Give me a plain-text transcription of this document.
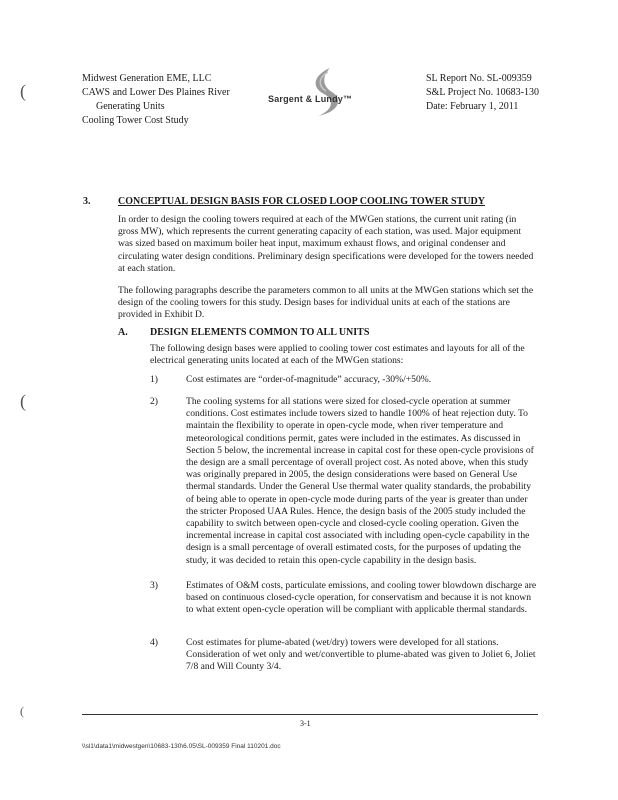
Midwest Generation EME, LLC
CAWS and Lower Des Plaines River
Generating Units
Cooling Tower Cost Study
Sargent & Lundy™
SL Report No. SL-009359
S&L Project No. 10683-130
Date: February 1, 2011
(
(
(
3.	CONCEPTUAL DESIGN BASIS FOR CLOSED LOOP COOLING TOWER STUDY
In order to design the cooling towers required at each of the MWGen stations, the current unit rating (in gross MW), which represents the current generating capacity of each station, was used. Major equipment was sized based on maximum boiler heat input, maximum exhaust flows, and original condenser and circulating water design conditions. Preliminary design specifications were developed for the towers needed at each station.
The following paragraphs describe the parameters common to all units at the MWGen stations which set the design of the cooling towers for this study. Design bases for individual units at each of the stations are provided in Exhibit D.
A. DESIGN ELEMENTS COMMON TO ALL UNITS
The following design bases were applied to cooling tower cost estimates and layouts for all of the electrical generating units located at each of the MWGen stations:
1)	Cost estimates are “order-of-magnitude” accuracy, -30%/+50%.
2)	The cooling systems for all stations were sized for closed-cycle operation at summer conditions. Cost estimates include towers sized to handle 100% of heat rejection duty. To maintain the flexibility to operate in open-cycle mode, when river temperature and meteorological conditions permit, gates were included in the estimates. As discussed in Section 5 below, the incremental increase in capital cost for these open-cycle provisions of the design are a small percentage of overall project cost. As noted above, when this study was originally prepared in 2005, the design considerations were based on General Use thermal standards. Under the General Use thermal water quality standards, the probability of being able to operate in open-cycle mode during parts of the year is greater than under the stricter Proposed UAA Rules. Hence, the design basis of the 2005 study included the capability to switch between open-cycle and closed-cycle cooling operation. Given the incremental increase in capital cost associated with including open-cycle capability in the design is a small percentage of overall estimated costs, for the purposes of updating the study, it was decided to retain this open-cycle capability in the design basis.
3)	Estimates of O&M costs, particulate emissions, and cooling tower blowdown discharge are based on continuous closed-cycle operation, for conservatism and because it is not known to what extent open-cycle operation will be compliant with applicable thermal standards.
4)	Cost estimates for plume-abated (wet/dry) towers were developed for all stations. Consideration of wet only and wet/convertible to plume-abated was given to Joliet 6, Joliet 7/8 and Will County 3/4.
3-1
\\sl1\data1\midwestgen\10683-130\6.05\SL-009359 Final 110201.doc
